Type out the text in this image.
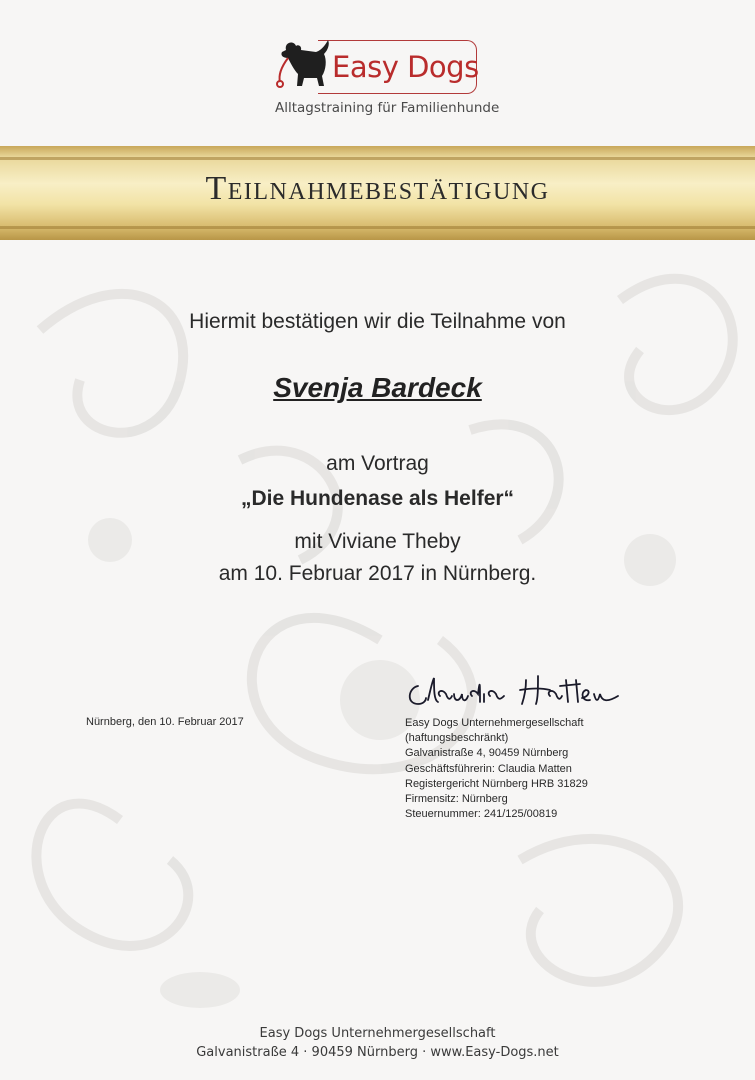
Easy Dogs
Alltagstraining für Familienhunde
Teilnahmebestätigung
Hiermit bestätigen wir die Teilnahme von
Svenja Bardeck
am Vortrag
„Die Hundenase als Helfer“
mit Viviane Theby
am 10. Februar 2017 in Nürnberg.
Nürnberg, den 10. Februar 2017	Easy Dogs Unternehmergesellschaft
(haftungsbeschränkt)
Galvanistraße 4, 90459 Nürnberg
Geschäftsführerin: Claudia Matten
Registergericht Nürnberg HRB 31829
Firmensitz: Nürnberg
Steuernummer: 241/125/00819
Easy Dogs Unternehmergesellschaft
Galvanistraße 4 · 90459 Nürnberg · www.Easy-Dogs.net
